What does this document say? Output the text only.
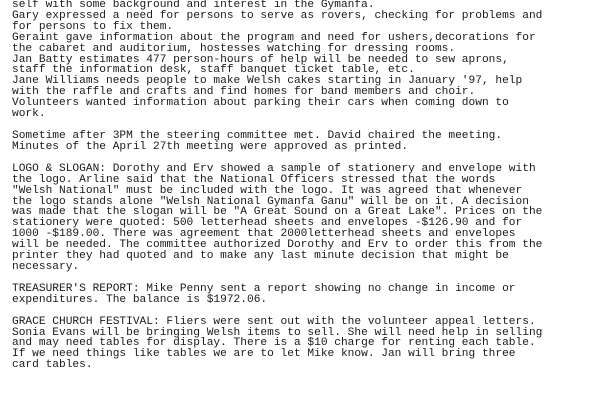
self with some background and interest in the Gymanfa.
Gary expressed a need for persons to serve as rovers, checking for problems and
for persons to fix them.
Geraint gave information about the program and need for ushers,decorations for
the cabaret and auditorium, hostesses watching for dressing rooms.
Jan Batty estimates 477 person-hours of help will be needed to sew aprons,
staff the information desk, staff banquet ticket table, etc.
Jane Williams needs people to make Welsh cakes starting in January '97, help
with the raffle and crafts and find homes for band members and choir.
Volunteers wanted information about parking their cars when coming down to
work.
Sometime after 3PM the steering committee met. David chaired the meeting.
Minutes of the April 27th meeting were approved as printed.
LOGO & SLOGAN: Dorothy and Erv showed a sample of stationery and envelope with
the logo. Arline said that the National Officers stressed that the words
"Welsh National" must be included with the logo. It was agreed that whenever
the logo stands alone "Welsh National Gymanfa Ganu" will be on it. A decision
was made that the slogan will be "A Great Sound on a Great Lake". Prices on the
stationery were quoted: 500 letterhead sheets and envelopes -$126.90 and for
1000 -$189.00. There was agreement that 2000letterhead sheets and envelopes
will be needed. The committee authorized Dorothy and Erv to order this from the
printer they had quoted and to make any last minute decision that might be
necessary.
TREASURER'S REPORT: Mike Penny sent a report showing no change in income or
expenditures. The balance is $1972.06.
GRACE CHURCH FESTIVAL: Fliers were sent out with the volunteer appeal letters.
Sonia Evans will be bringing Welsh items to sell. She will need help in selling
and may need tables for display. There is a $10 charge for renting each table.
If we need things like tables we are to let Mike know. Jan will bring three
card tables.
